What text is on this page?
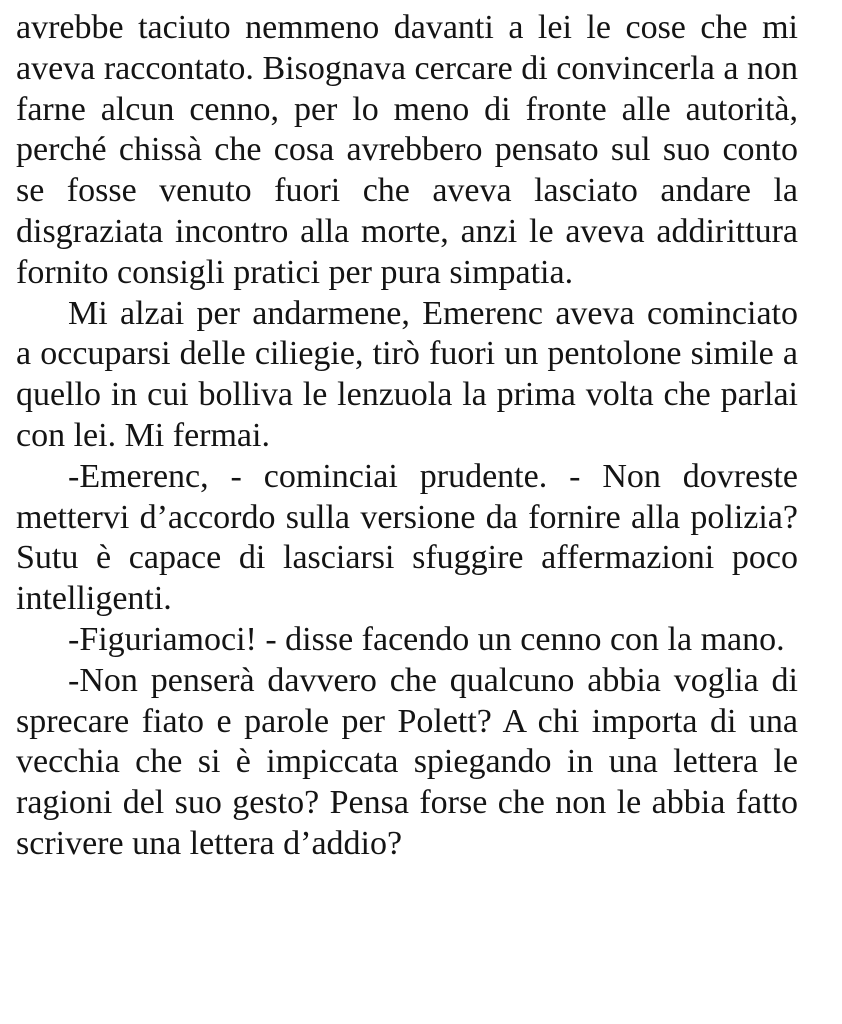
avrebbe taciuto nemmeno davanti a lei le cose che mi aveva raccontato. Bisognava cercare di convincerla a non farne alcun cenno, per lo meno di fronte alle autorità, perché chissà che cosa avrebbero pensato sul suo conto se fosse venuto fuori che aveva lasciato andare la disgraziata incontro alla morte, anzi le aveva addirittura fornito consigli pratici per pura simpatia.

Mi alzai per andarmene, Emerenc aveva cominciato a occuparsi delle ciliegie, tirò fuori un pentolone simile a quello in cui bolliva le lenzuola la prima volta che parlai con lei. Mi fermai.

-Emerenc, - cominciai prudente. - Non dovreste mettervi d’accordo sulla versione da fornire alla polizia? Sutu è capace di lasciarsi sfuggire affermazioni poco intelligenti.

-Figuriamoci! - disse facendo un cenno con la mano.

-Non penserà davvero che qualcuno abbia voglia di sprecare fiato e parole per Polett? A chi importa di una vecchia che si è impiccata spiegando in una lettera le ragioni del suo gesto? Pensa forse che non le abbia fatto scrivere una lettera d’addio?
